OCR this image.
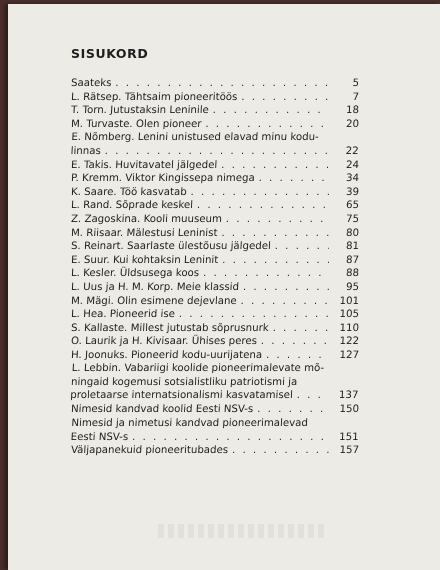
SISUKORD
Saateks . . .	5
L. Rätsep. Tähtsaim pioneeritöös . . .	7
T. Torn. Jutustaksin Leninile . . .	18
M. Turvaste. Olen pioneer . . .	20
E. Nõmberg. Lenini unistused elavad minu kodu-
linnas . . .	22
E. Takis. Huvitavatel jälgedel . . .	24
P. Kremm. Viktor Kingissepa nimega . . .	34
K. Saare. Töö kasvatab . . .	39
L. Rand. Sõprade keskel . . .	65
Z. Zagoskina. Kooli muuseum . . .	75
M. Riisaar. Mälestusi Leninist . . .	80
S. Reinart. Saarlaste ülestõusu jälgedel . . .	81
E. Suur. Kui kohtaksin Leninit . . .	87
L. Kesler. Üldsusega koos . . .	88
L. Uus ja H. M. Korp. Meie klassid . . .	95
M. Mägi. Olin esimene dejevlane . . .	101
L. Hea. Pioneerid ise . . .	105
S. Kallaste. Millest jutustab sõprusnurk . . .	110
O. Laurik ja H. Kivisaar. Ühises peres . . .	122
H. Joonuks. Pioneerid kodu-uurijatena . . .	127
L. Lebbin. Vabariigi koolide pioneerimalevate mõ-
ningaid kogemusi sotsialistliku patriotismi ja
proletaarse internatsionalismi kasvatamisel . . .	137
Nimesid kandvad koolid Eesti NSV-s . . .	150
Nimesid ja nimetusi kandvad pioneerimalevad
Eesti NSV-s . . .	151
Väljapanekuid pioneeritubades . . .	157
